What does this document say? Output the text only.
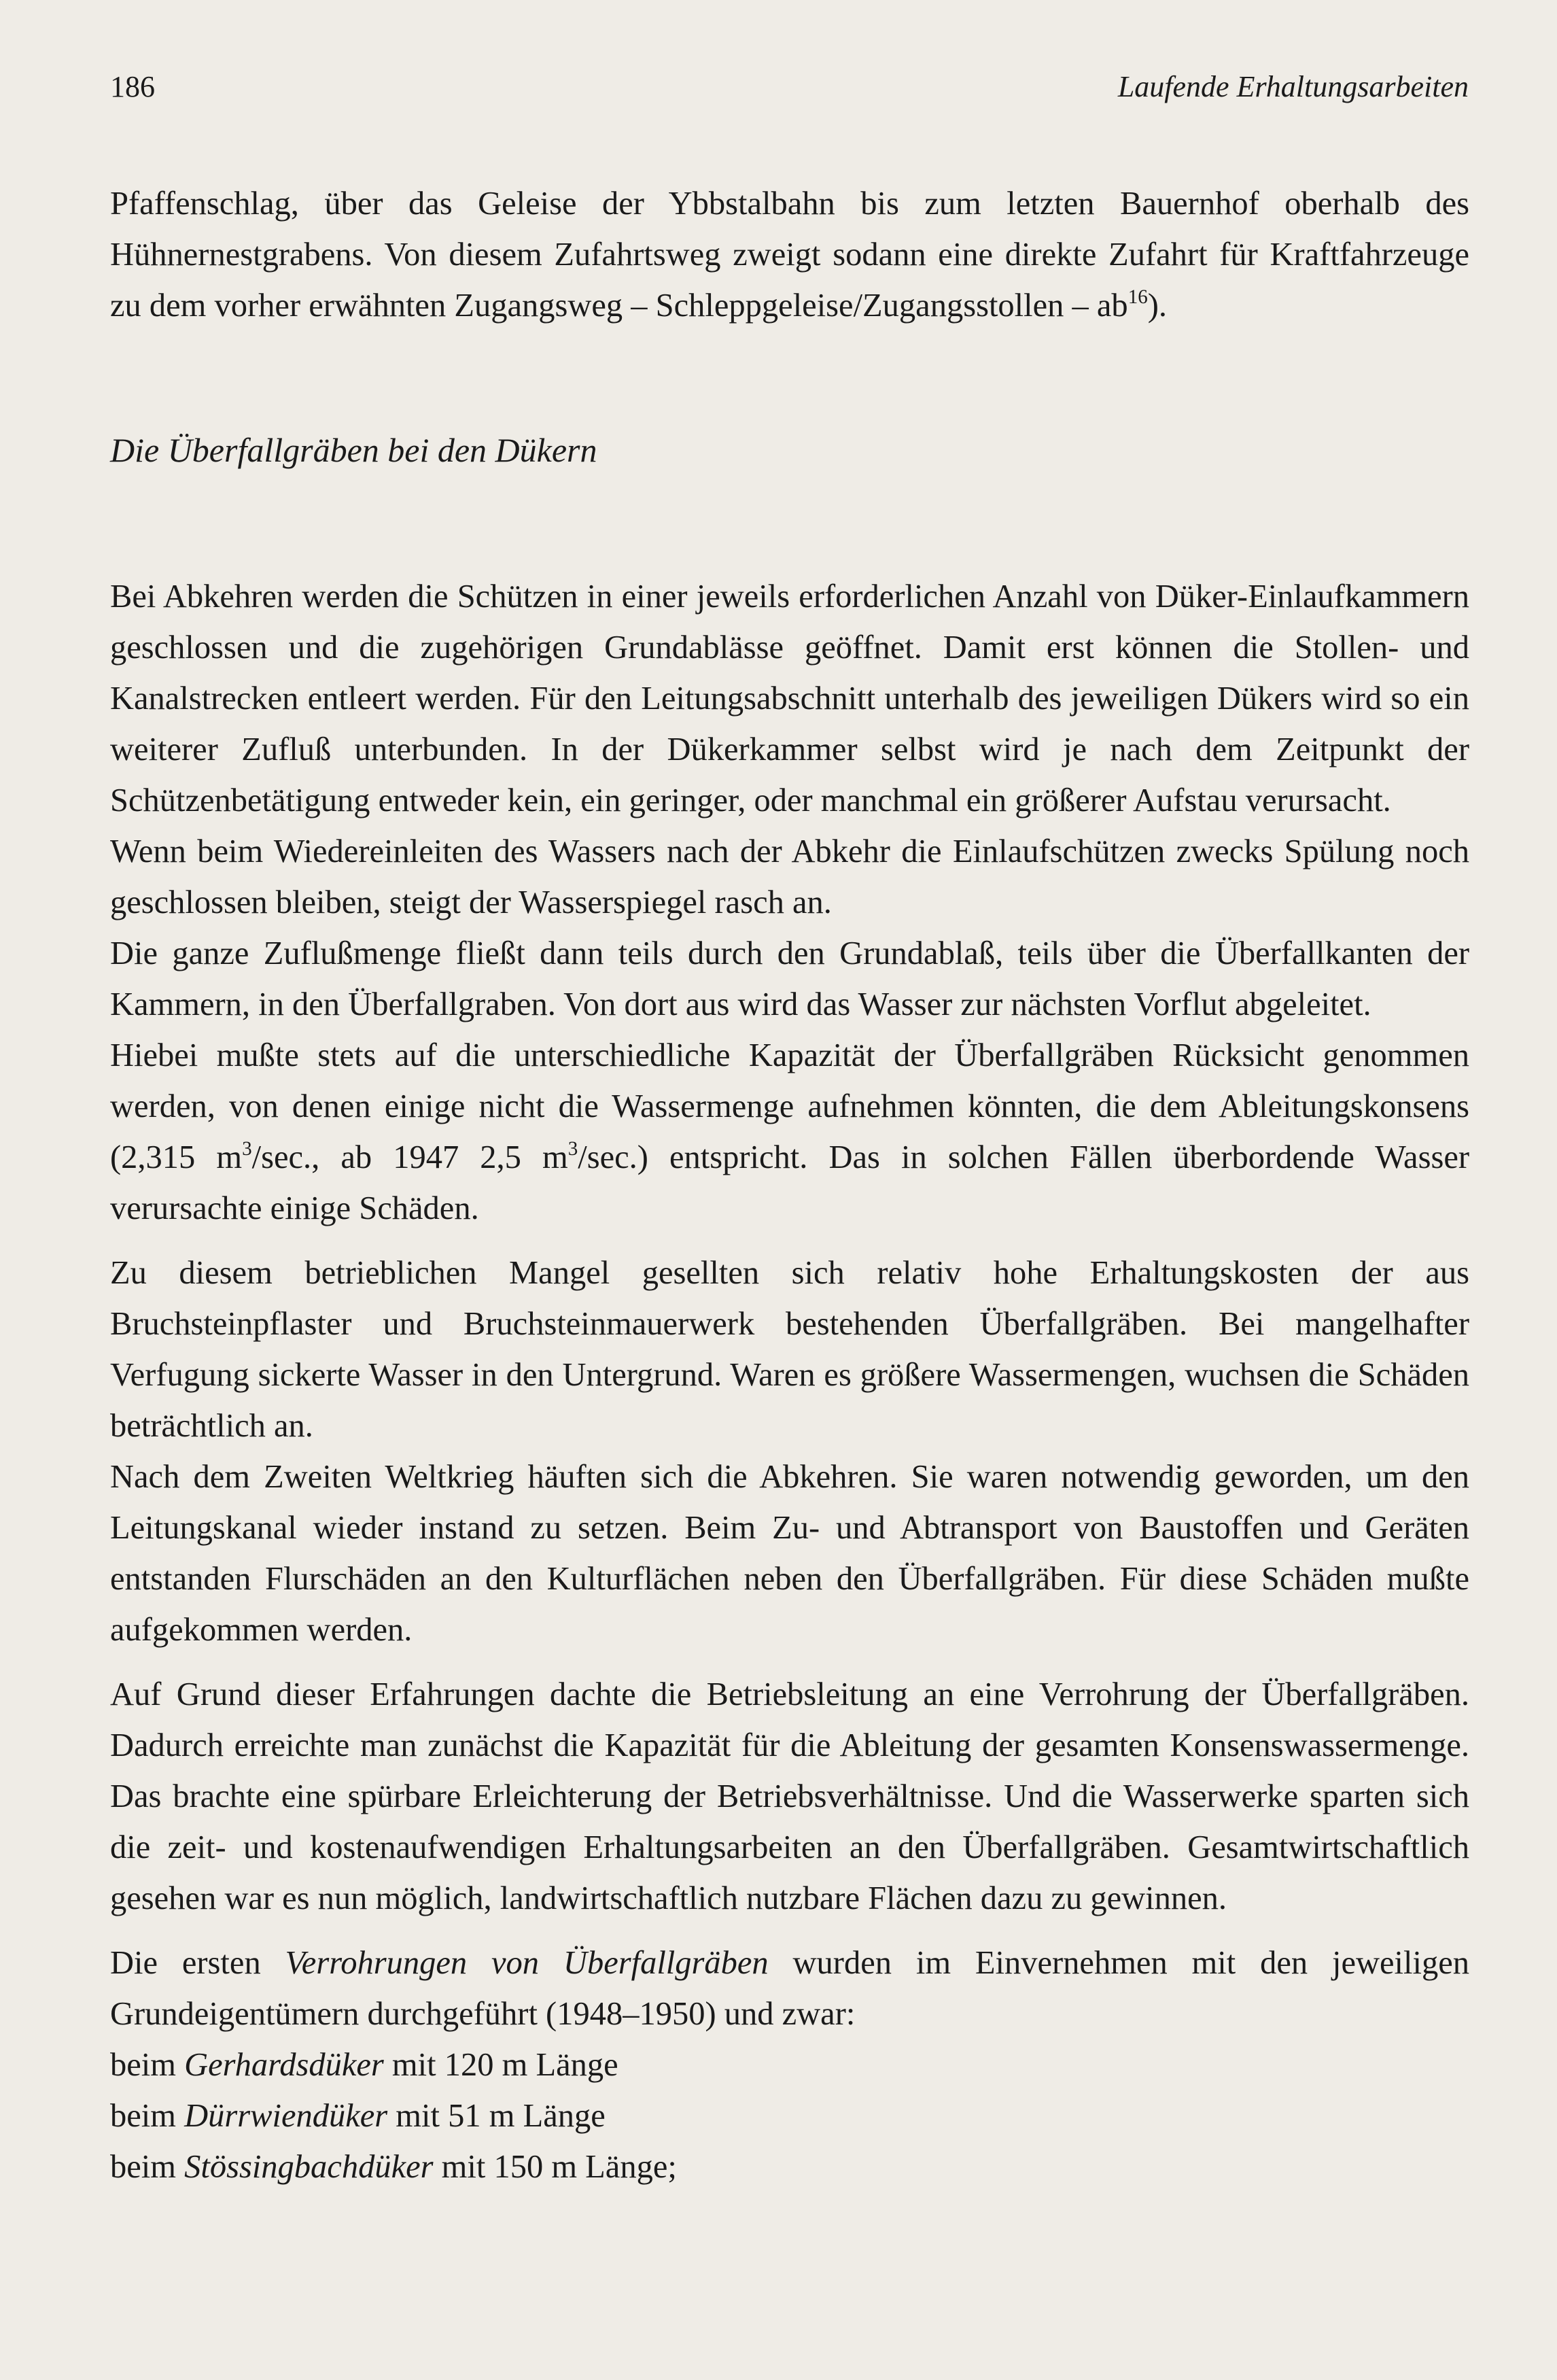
186	Laufende Erhaltungsarbeiten

Pfaffenschlag, über das Geleise der Ybbstalbahn bis zum letzten Bauernhof oberhalb des Hühnernestgrabens. Von diesem Zufahrtsweg zweigt sodann eine direkte Zufahrt für Kraftfahrzeuge zu dem vorher erwähnten Zugangsweg – Schleppgeleise/Zugangsstollen – $ab^{16}$).

Die Überfallgräben bei den Dükern

Bei Abkehren werden die Schützen in einer jeweils erforderlichen Anzahl von Düker-Einlaufkammern geschlossen und die zugehörigen Grundablässe geöffnet. Damit erst können die Stollen- und Kanalstrecken entleert werden. Für den Leitungsabschnitt unterhalb des jeweiligen Dükers wird so ein weiterer Zufluß unterbunden. In der Dükerkammer selbst wird je nach dem Zeitpunkt der Schützenbetätigung entweder kein, ein geringer, oder manchmal ein größerer Aufstau verursacht.

Wenn beim Wiedereinleiten des Wassers nach der Abkehr die Einlaufschützen zwecks Spülung noch geschlossen bleiben, steigt der Wasserspiegel rasch an.

Die ganze Zuflußmenge fließt dann teils durch den Grundablaß, teils über die Überfallkanten der Kammern, in den Überfallgraben. Von dort aus wird das Wasser zur nächsten Vorflut abgeleitet.

Hiebei mußte stets auf die unterschiedliche Kapazität der Überfallgräben Rücksicht genommen werden, von denen einige nicht die Wassermenge aufnehmen könnten, die dem Ableitungskonsens (2,315 $m^3/\sec$., ab 1947 2,5 $m^3/\sec$.) entspricht. Das in solchen Fällen überbordende Wasser verursachte einige Schäden.

Zu diesem betrieblichen Mangel gesellten sich relativ hohe Erhaltungskosten der aus Bruchsteinpflaster und Bruchsteinmauerwerk bestehenden Überfallgräben. Bei mangelhafter Verfugung sickerte Wasser in den Untergrund. Waren es größere Wassermengen, wuchsen die Schäden beträchtlich an.

Nach dem Zweiten Weltkrieg häuften sich die Abkehren. Sie waren notwendig geworden, um den Leitungskanal wieder instand zu setzen. Beim Zu- und Abtransport von Baustoffen und Geräten entstanden Flurschäden an den Kulturflächen neben den Überfallgräben. Für diese Schäden mußte aufgekommen werden.

Auf Grund dieser Erfahrungen dachte die Betriebsleitung an eine Verrohrung der Überfallgräben. Dadurch erreichte man zunächst die Kapazität für die Ableitung der gesamten Konsenswassermenge. Das brachte eine spürbare Erleichterung der Betriebsverhältnisse. Und die Wasserwerke sparten sich die zeit- und kostenaufwendigen Erhaltungsarbeiten an den Überfallgräben. Gesamtwirtschaftlich gesehen war es nun möglich, landwirtschaftlich nutzbare Flächen dazu zu gewinnen.

Die ersten Verrohrungen von Überfallgräben wurden im Einvernehmen mit den jeweiligen Grundeigentümern durchgeführt (1948–1950) und zwar:

beim Gerhardsdüker mit 120 m Länge

beim Dürrwiendüker mit 51 m Länge

beim Stössingbachdüker mit 150 m Länge;
